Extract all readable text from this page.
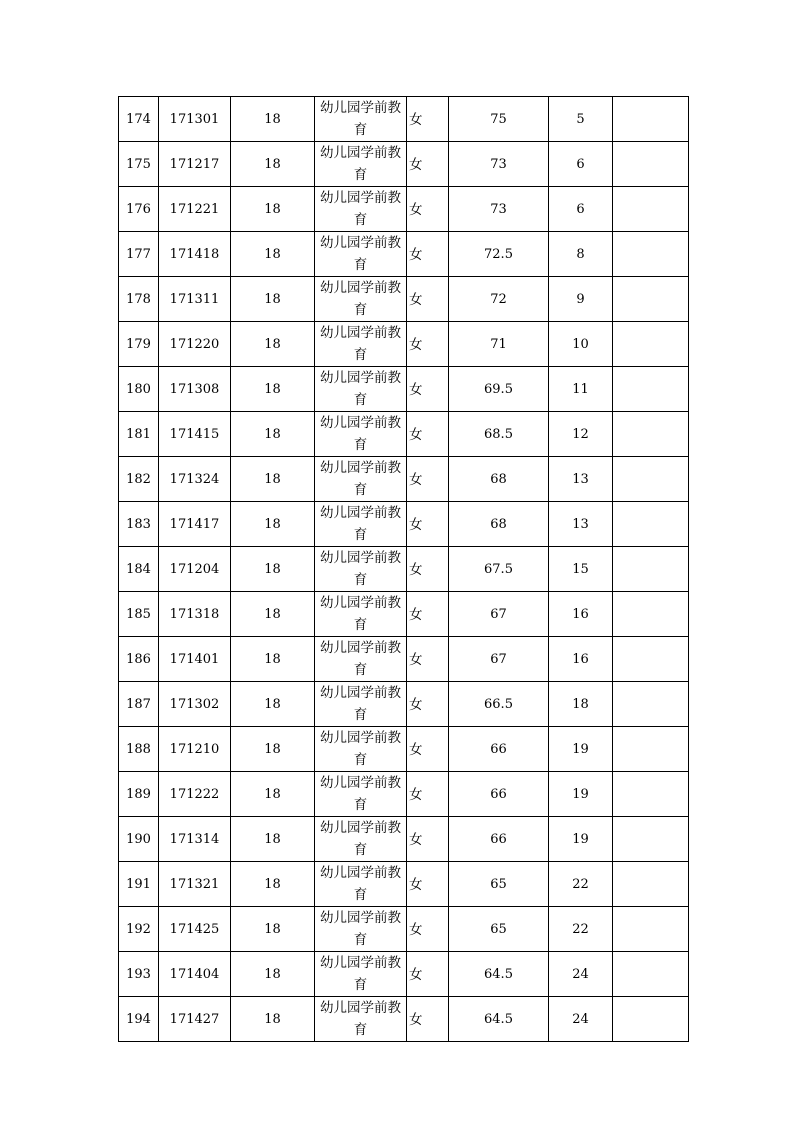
174	171301	18	幼儿园学前教育	女	75	5	
175	171217	18	幼儿园学前教育	女	73	6	
176	171221	18	幼儿园学前教育	女	73	6	
177	171418	18	幼儿园学前教育	女	72.5	8	
178	171311	18	幼儿园学前教育	女	72	9	
179	171220	18	幼儿园学前教育	女	71	10	
180	171308	18	幼儿园学前教育	女	69.5	11	
181	171415	18	幼儿园学前教育	女	68.5	12	
182	171324	18	幼儿园学前教育	女	68	13	
183	171417	18	幼儿园学前教育	女	68	13	
184	171204	18	幼儿园学前教育	女	67.5	15	
185	171318	18	幼儿园学前教育	女	67	16	
186	171401	18	幼儿园学前教育	女	67	16	
187	171302	18	幼儿园学前教育	女	66.5	18	
188	171210	18	幼儿园学前教育	女	66	19	
189	171222	18	幼儿园学前教育	女	66	19	
190	171314	18	幼儿园学前教育	女	66	19	
191	171321	18	幼儿园学前教育	女	65	22	
192	171425	18	幼儿园学前教育	女	65	22	
193	171404	18	幼儿园学前教育	女	64.5	24	
194	171427	18	幼儿园学前教育	女	64.5	24	
